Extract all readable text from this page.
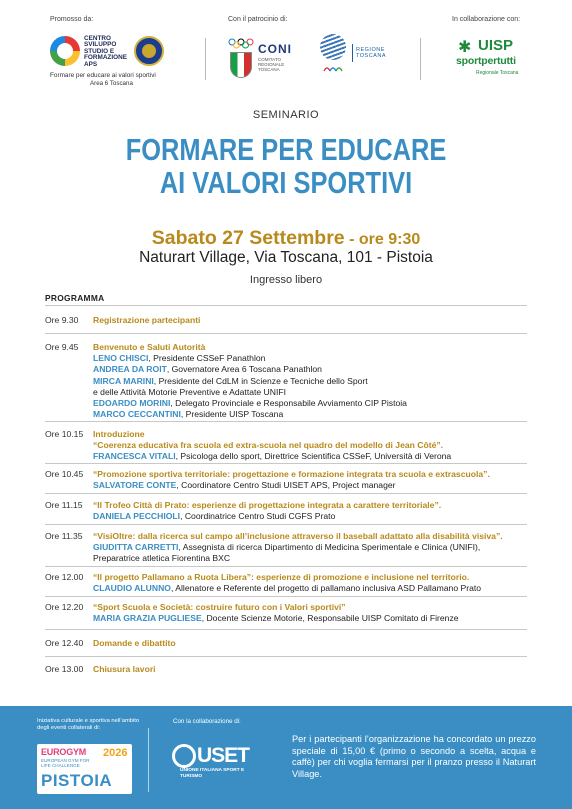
Promosso da:
CENTRO SVILUPPO STUDIO E FORMAZIONE APS
Formare per educare ai valori sportivi
Area 6 Toscana
Con il patrocinio di:
CONI
COMITATO REGIONALE TOSCANA
REGIONE TOSCANA
In collaborazione con:
✱ UISP
sportpertutti
Regionale Toscana
SEMINARIO
FORMARE PER EDUCARE
AI VALORI SPORTIVI
Sabato 27 Settembre - ore 9:30
Naturart Village, Via Toscana, 101 - Pistoia
Ingresso libero
PROGRAMMA
Ore 9.30 Registrazione partecipanti
Ore 9.45 Benvenuto e Saluti Autorità
LENO CHISCI, Presidente CSSeF Panathlon
ANDREA DA ROIT, Governatore Area 6 Toscana Panathlon
MIRCA MARINI, Presidente del CdLM in Scienze e Tecniche dello Sport
e delle Attività Motorie Preventive e Adattate UNIFI
EDOARDO MORINI, Delegato Provinciale e Responsabile Avviamento CIP Pistoia
MARCO CECCANTINI, Presidente UISP Toscana
Ore 10.15 Introduzione
“Coerenza educativa fra scuola ed extra-scuola nel quadro del modello di Jean Côté”.
FRANCESCA VITALI, Psicologa dello sport, Direttrice Scientifica CSSeF, Università di Verona
Ore 10.45 “Promozione sportiva territoriale: progettazione e formazione integrata tra scuola e extrascuola”.
SALVATORE CONTE, Coordinatore Centro Studi UISET APS, Project manager
Ore 11.15 “Il Trofeo Città di Prato: esperienze di progettazione integrata a carattere territoriale”.
DANIELA PECCHIOLI, Coordinatrice Centro Studi CGFS Prato
Ore 11.35 “VisiOltre: dalla ricerca sul campo all’inclusione attraverso il baseball adattato alla disabilità visiva”.
GIUDITTA CARRETTI, Assegnista di ricerca Dipartimento di Medicina Sperimentale e Clinica (UNIFI),
Preparatrice atletica Fiorentina BXC
Ore 12.00 “Il progetto Pallamano a Ruota Libera”: esperienze di promozione e inclusione nel territorio.
CLAUDIO ALUNNO, Allenatore e Referente del progetto di pallamano inclusiva ASD Pallamano Prato
Ore 12.20 “Sport Scuola e Società: costruire futuro con i Valori sportivi”
MARIA GRAZIA PUGLIESE, Docente Scienze Motorie, Responsabile UISP Comitato di Firenze
Ore 12.40 Domande e dibattito
Ore 13.00 Chiusura lavori
Iniziativa culturale e sportiva nell’ambito degli eventi collaterali di:
EUROGYM
EUROPEAN GYM FOR LIFE CHALLENGE
PISTOIA
2026
Con la collaborazione di:
USET
UNIONE ITALIANA SPORT E TURISMO
Per i partecipanti l’organizzazione ha concordato un prezzo speciale di 15,00 € (primo o secondo a scelta, acqua e caffè) per chi voglia fermarsi per il pranzo presso il Naturart Village.
